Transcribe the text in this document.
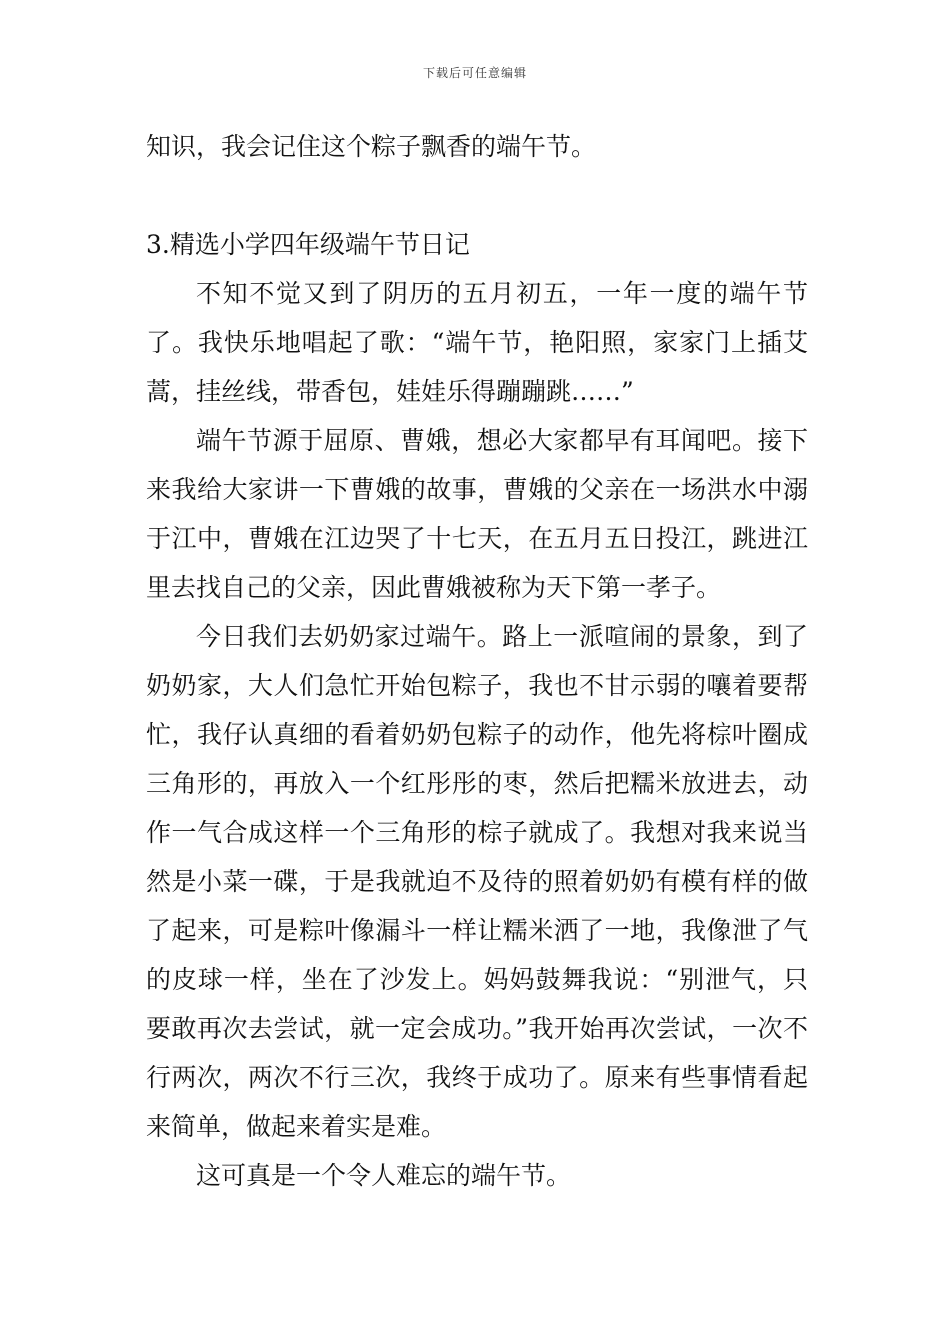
下载后可任意编辑

知识，我会记住这个粽子飘香的端午节。

3.精选小学四年级端午节日记

不知不觉又到了阴历的五月初五，一年一度的端午节了。我快乐地唱起了歌：“端午节，艳阳照，家家门上插艾蒿，挂丝线，带香包，娃娃乐得蹦蹦跳……”

端午节源于屈原、曹娥，想必大家都早有耳闻吧。接下来我给大家讲一下曹娥的故事，曹娥的父亲在一场洪水中溺于江中，曹娥在江边哭了十七天，在五月五日投江，跳进江里去找自己的父亲，因此曹娥被称为天下第一孝子。

今日我们去奶奶家过端午。路上一派喧闹的景象，到了奶奶家，大人们急忙开始包粽子，我也不甘示弱的嚷着要帮忙，我仔认真细的看着奶奶包粽子的动作，他先将棕叶圈成三角形的，再放入一个红彤彤的枣，然后把糯米放进去，动作一气合成这样一个三角形的棕子就成了。我想对我来说当然是小菜一碟，于是我就迫不及待的照着奶奶有模有样的做了起来，可是粽叶像漏斗一样让糯米洒了一地，我像泄了气的皮球一样，坐在了沙发上。妈妈鼓舞我说：“别泄气，只要敢再次去尝试，就一定会成功。”我开始再次尝试，一次不行两次，两次不行三次，我终于成功了。原来有些事情看起来简单，做起来着实是难。

这可真是一个令人难忘的端午节。
